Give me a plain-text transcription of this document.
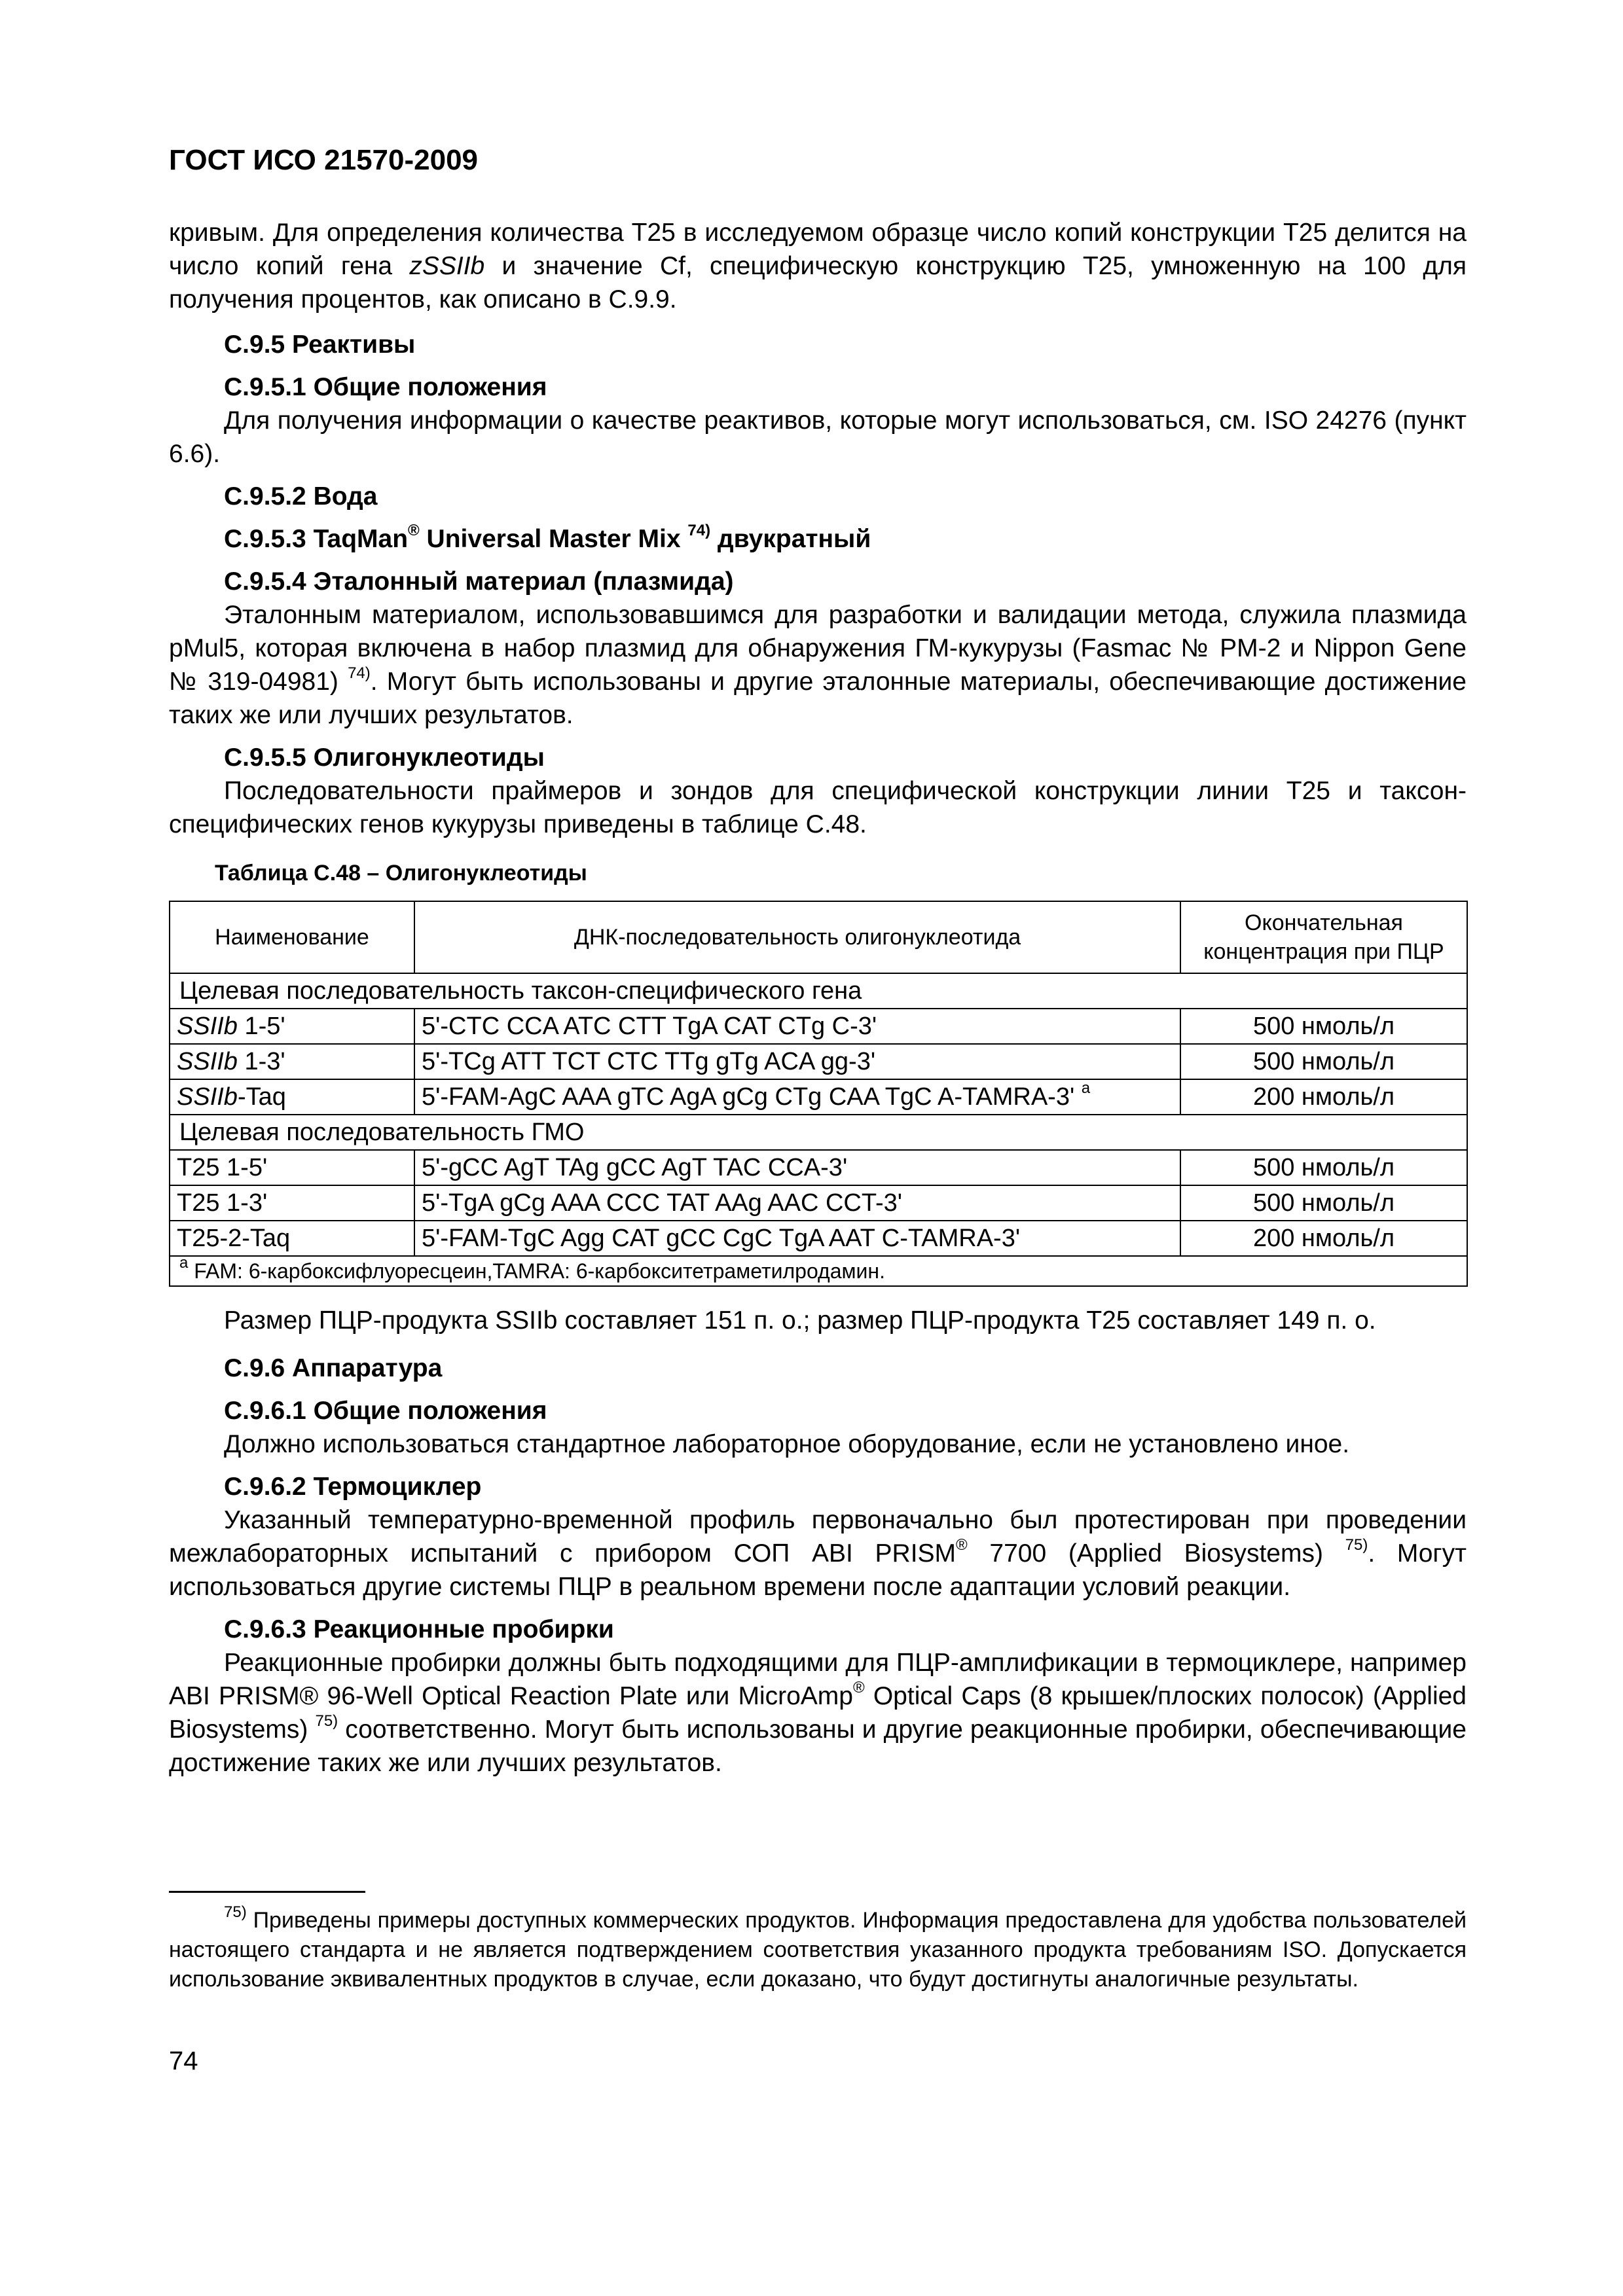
ГОСТ ИСО 21570-2009

кривым. Для определения количества T25 в исследуемом образце число копий конструкции T25 делится на число копий гена zSSIIb и значение Cf, специфическую конструкцию T25, умноженную на 100 для получения процентов, как описано в С.9.9.

С.9.5 Реактивы
С.9.5.1 Общие положения

Для получения информации о качестве реактивов, которые могут использоваться, см. ISO 24276 (пункт 6.6).

С.9.5.2 Вода
С.9.5.3 TaqMan® Universal Master Mix $^{74)}$ двукратный
С.9.5.4 Эталонный материал (плазмида)

Эталонным материалом, использовавшимся для разработки и валидации метода, служила плазмида pMul5, которая включена в набор плазмид для обнаружения ГМ-кукурузы (Fasmac № PM-2 и Nippon Gene № 319-04981) $^{74)}$. Могут быть использованы и другие эталонные материалы, обеспечивающие достижение таких же или лучших результатов.

С.9.5.5 Олигонуклеотиды

Последовательности праймеров и зондов для специфической конструкции линии T25 и таксон-специфических генов кукурузы приведены в таблице С.48.

Таблица С.48 – Олигонуклеотиды
Наименование	ДНК-последовательность олигонуклеотида	Окончательная концентрация при ПЦР
Целевая последовательность таксон-специфического гена		
SSIIb 1-5'	5'-CTC CCA ATC CTT TgA CAT CTg C-3'	500 нмоль/л
SSIIb 1-3'	5'-TCg ATT TCT CTC TTg gTg ACA gg-3'	500 нмоль/л
SSIIb-Taq	5'-FAM-AgC AAA gTC AgA gCg CTg CAA TgC A-TAMRA-3' $^a$	200 нмоль/л
Целевая последовательность ГМО		
T25 1-5'	5'-gCC AgT TAg gCC AgT TAC CCA-3'	500 нмоль/л
T25 1-3'	5'-TgA gCg AAA CCC TAT AAg AAC CCT-3'	500 нмоль/л
T25-2-Taq	5'-FAM-TgC Agg CAT gCC CgC TgA AAT C-TAMRA-3'	200 нмоль/л
$^a$ FAM: 6-карбоксифлуоресцеин,TAMRA: 6-карбокситетраметилродамин.		

Размер ПЦР-продукта SSIIb составляет 151 п. о.; размер ПЦР-продукта T25 составляет 149 п. о.

С.9.6 Аппаратура
С.9.6.1 Общие положения

Должно использоваться стандартное лабораторное оборудование, если не установлено иное.

С.9.6.2 Термоциклер

Указанный температурно-временной профиль первоначально был протестирован при проведении межлабораторных испытаний с прибором СОП ABI PRISM® 7700 (Applied Biosystems) $^{75)}$. Могут использоваться другие системы ПЦР в реальном времени после адаптации условий реакции.

С.9.6.3 Реакционные пробирки

Реакционные пробирки должны быть подходящими для ПЦР-амплификации в термоциклере, например ABI PRISM® 96-Well Optical Reaction Plate или MicroAmp® Optical Caps (8 крышек/плоских полосок) (Applied Biosystems) $^{75)}$ соответственно. Могут быть использованы и другие реакционные пробирки, обеспечивающие достижение таких же или лучших результатов.

$^{75)}$ Приведены примеры доступных коммерческих продуктов. Информация предоставлена для удобства пользователей настоящего стандарта и не является подтверждением соответствия указанного продукта требованиям ISO. Допускается использование эквивалентных продуктов в случае, если доказано, что будут достигнуты аналогичные результаты.
74
